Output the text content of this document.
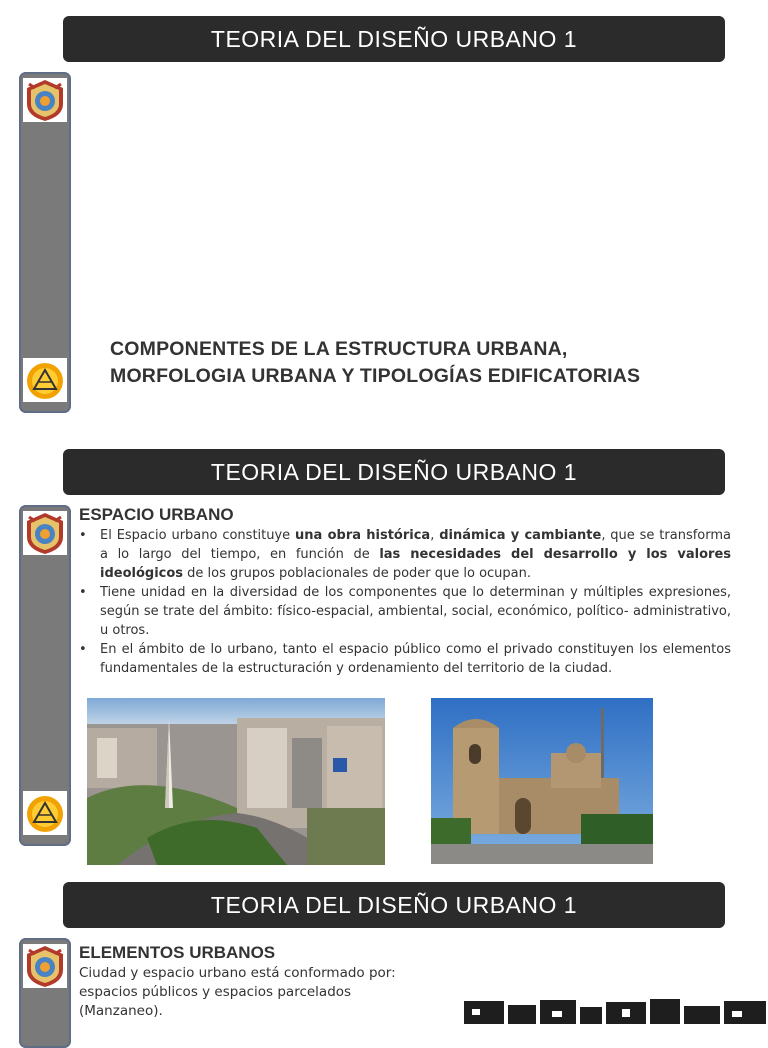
TEORIA DEL DISEÑO URBANO 1
COMPONENTES DE LA ESTRUCTURA URBANA,
MORFOLOGIA URBANA Y TIPOLOGÍAS EDIFICATORIAS
TEORIA DEL DISEÑO URBANO 1
ESPACIO URBANO
• El Espacio urbano constituye una obra histórica, dinámica y cambiante, que se transforma a lo largo del tiempo, en función de las necesidades del desarrollo y los valores ideológicos de los grupos poblacionales de poder que lo ocupan.
• Tiene unidad en la diversidad de los componentes que lo determinan y múltiples expresiones, según se trate del ámbito: físico-espacial, ambiental, social, económico, político- administrativo, u otros.
• En el ámbito de lo urbano, tanto el espacio público como el privado constituyen los elementos fundamentales de la estructuración y ordenamiento del territorio de la ciudad.
TEORIA DEL DISEÑO URBANO 1
ELEMENTOS URBANOS
Ciudad y espacio urbano está conformado por:
espacios públicos y espacios parcelados
(Manzaneo).
